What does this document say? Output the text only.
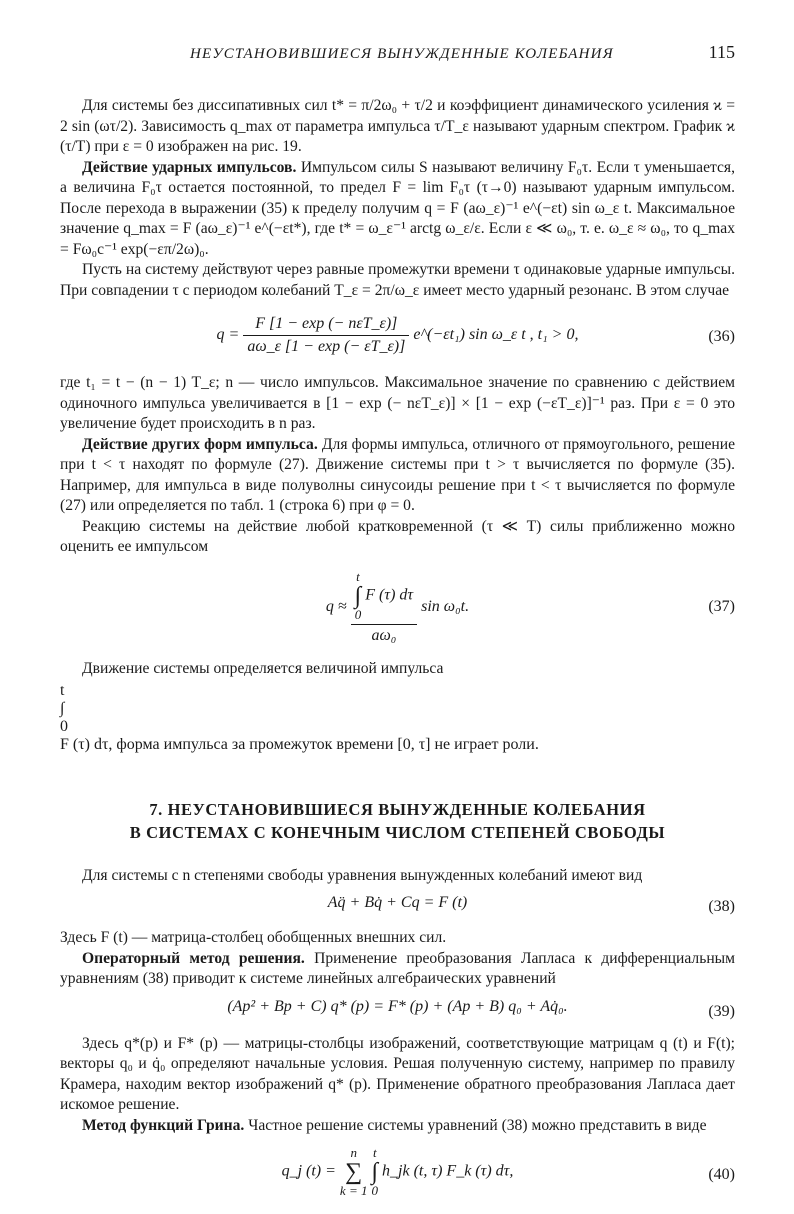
НЕУСТАНОВИВШИЕСЯ ВЫНУЖДЕННЫЕ КОЛЕБАНИЯ	115

Для системы без диссипативных сил t* = π/2ω₀ + τ/2 и коэффициент динамического усиления ϰ = 2 sin (ωτ/2). Зависимость q_max от параметра импульса τ/T_ε называют ударным спектром. График ϰ (τ/T) при ε = 0 изображен на рис. 19.

Действие ударных импульсов. Импульсом силы S называют величину F₀τ. Если τ уменьшается, а величина F₀τ остается постоянной, то предел F = lim F₀τ (τ→0) называют ударным импульсом. После перехода в выражении (35) к пределу получим q = F (aω_ε)⁻¹ e^(−εt) sin ω_ε t. Максимальное значение q_max = F (aω_ε)⁻¹ e^(−εt*), где t* = ω_ε⁻¹ arctg ω_ε/ε. Если ε ≪ ω₀, т. е. ω_ε ≈ ω₀, то q_max = Fω₀c⁻¹ exp(−επ/2ω)₀.

Пусть на систему действуют через равные промежутки времени τ одинаковые ударные импульсы. При совпадении τ с периодом колебаний T_ε = 2π/ω_ε имеет место ударный резонанс. В этом случае

$q = \frac{\text{F [1 − exp (− nεT\_ε)]}}{a\omega\_\varepsilon [1 - \exp (- \varepsilon T\_\varepsilon)]}$ e^(−εt₁) sin ω_ε t , t₁ > 0,	(36)

где t₁ = t − (n − 1) T_ε; n — число импульсов. Максимальное значение по сравнению с действием одиночного импульса увеличивается в [1 − exp (− nεT_ε)] × [1 − exp (−εT_ε)]⁻¹ раз. При ε = 0 это увеличение будет происходить в n раз.

Действие других форм импульса. Для формы импульса, отличного от прямоугольного, решение при t < τ находят по формуле (27). Движение системы при t > τ вычисляется по формуле (35). Например, для импульса в виде полуволны синусоиды решение при t < τ вычисляется по формуле (27) или определяется по табл. 1 (строка 6) при φ = 0.

Реакцию системы на действие любой кратковременной (τ ≪ T) силы приближенно можно оценить ее импульсом

q ≈ t
∫
0
F (τ) dτ
aω₀ sin ω₀t.	(37)

Движение системы определяется величиной импульса

t
∫
0
F (τ) dτ, форма импульса за промежуток времени [0, τ] не играет роли.

7. НЕУСТАНОВИВШИЕСЯ ВЫНУЖДЕННЫЕ КОЛЕБАНИЯ
В СИСТЕМАХ С КОНЕЧНЫМ ЧИСЛОМ СТЕПЕНЕЙ СВОБОДЫ

Для системы с n степенями свободы уравнения вынужденных колебаний имеют вид

Aq̈ + Bq̇ + Cq = F (t)	(38)

Здесь F (t) — матрица-столбец обобщенных внешних сил.

Операторный метод решения. Применение преобразования Лапласа к дифференциальным уравнениям (38) приводит к системе линейных алгебраических уравнений

(Ap² + Bp + C) q* (p) = F* (p) + (Ap + B) q₀ + Aq̇₀.	(39)

Здесь q*(p) и F* (p) — матрицы-столбцы изображений, соответствующие матрицам q (t) и F(t); векторы q₀ и q̇₀ определяют начальные условия. Решая полученную систему, например по правилу Крамера, находим вектор изображений q* (p). Применение обратного преобразования Лапласа дает искомое решение.

Метод функций Грина. Частное решение системы уравнений (38) можно представить в виде

q_j (t) =
n
∑
k = 1

t
∫
0
h_jk (t, τ) F_k (τ) dτ,	(40)
